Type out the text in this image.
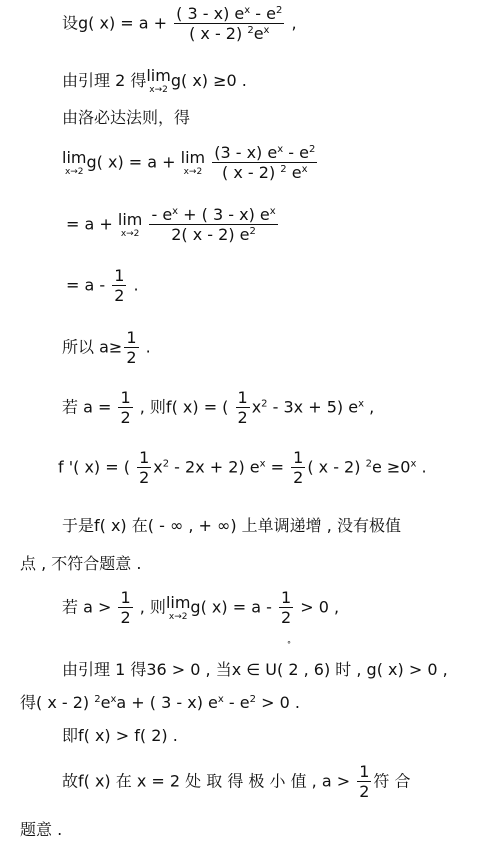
设g( $x) = a + \frac{( 3 - x) e^x - e^2}{( x - 2) ^2e^x}$ ,
由引理 2 得 lim
x→2 g( x) ≥0 .
由洛必达法则，得
lim
x→2 g( x) = a + lim
x→2
$\frac{(3 - x) e^x - e^2}{( x - 2) ^2 e^x}$
= a + lim
x→2
$\frac{- e^x + ( 3 - x) e^x}{2( x - 2) e^2}$
= a - $\frac{1}{2}$ .
所以 $a\ge \frac{1}{2}$ .
若 $a = \frac{1}{2}$ , 则f( x) = ( $\frac{1}{2} x^2 - 3x + 5$) $e^x$ ,
f '( x) = ( $\frac{1}{2} x^2 - 2x + 2$) $e^x = \frac{1}{2}$ ( x - 2) $^2e \ge 0^x$ .
于是f( x) 在( - ∞ , + ∞) 上单调递增 , 没有极值
点 , 不符合题意 .
若 $a > \frac{1}{2}$ , 则 lim
x→2 g( $x) = a - \frac{1}{2} > 0$ ,
°
由引理 1 得36 > 0 , 当x ∈ U( 2 , 6) 时 , g( x) > 0 ,
得( x - 2) $^2e^xa$ + ( 3 - x) $e^x - e^2 > 0$ .
即f( x) > f( 2) .
故f( x) 在 x = 2 处 取 得 极 小 值 , $a > \frac{1}{2}$ 符 合
题意 .
